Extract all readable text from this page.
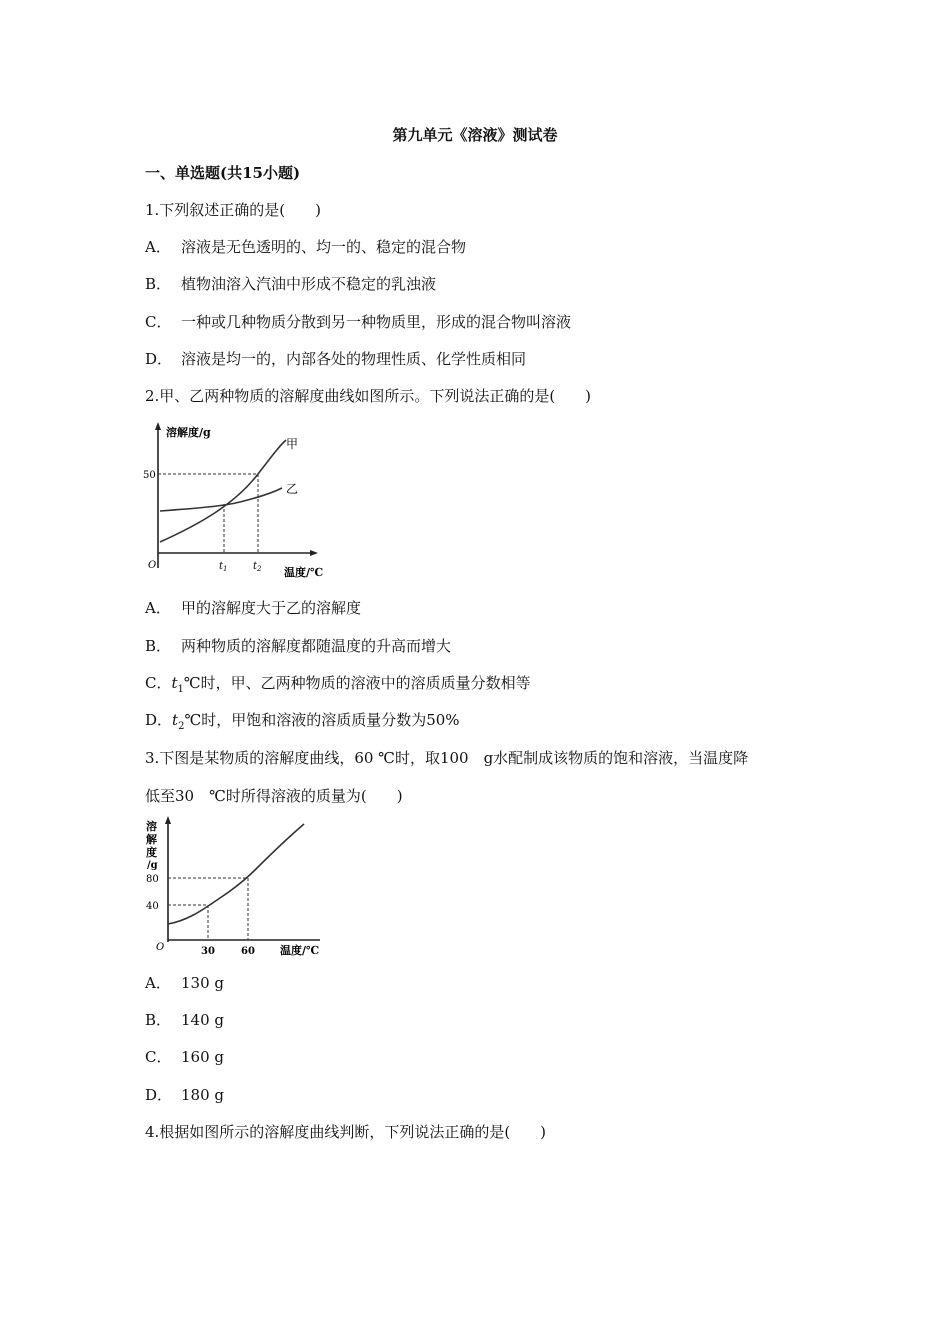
第九单元《溶液》测试卷
一、单选题(共15小题)
1.下列叙述正确的是(　　)
A． 溶液是无色透明的、均一的、稳定的混合物
B． 植物油溶入汽油中形成不稳定的乳浊液
C． 一种或几种物质分散到另一种物质里，形成的混合物叫溶液
D． 溶液是均一的，内部各处的物理性质、化学性质相同
2.甲、乙两种物质的溶解度曲线如图所示。下列说法正确的是(　　)
溶解度/g
50
O	$t_1$	$t_2$ 温度/℃
甲
乙
A． 甲的溶解度大于乙的溶解度
B． 两种物质的溶解度都随温度的升高而增大
C．$t_1℃$时，甲、乙两种物质的溶液中的溶质质量分数相等
D．$t_2℃$时，甲饱和溶液的溶质质量分数为50%
3.下图是某物质的溶解度曲线，60 ℃时，取100　g水配制成该物质的饱和溶液，当温度降
低至30　℃时所得溶液的质量为(　　)
溶
解
度
/g
80
40
O	30	60 温度/℃
A． 130 g
B． 140 g
C． 160 g
D． 180 g
4.根据如图所示的溶解度曲线判断，下列说法正确的是(　　)
